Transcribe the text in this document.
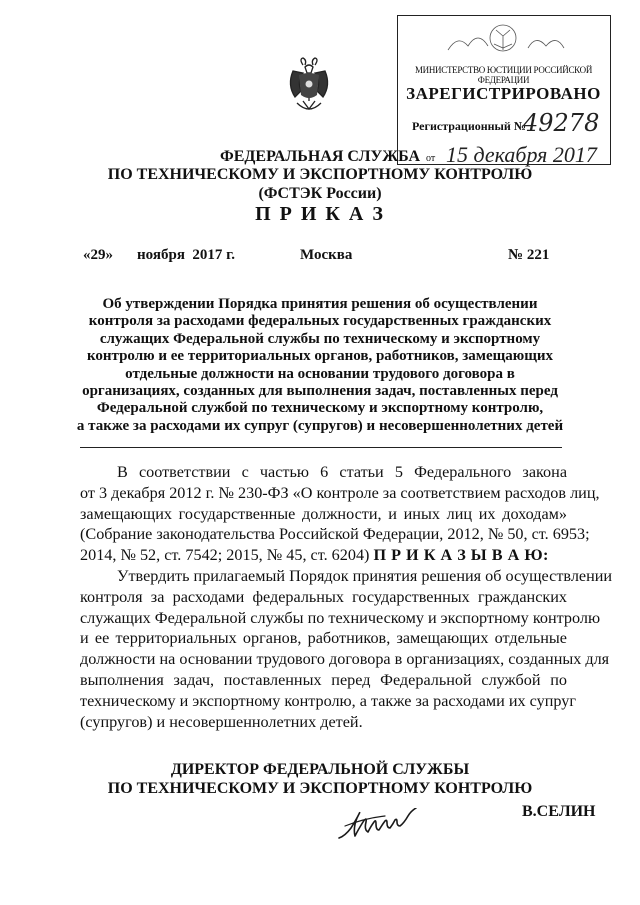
МИНИСТЕРСТВО ЮСТИЦИИ РОССИЙСКОЙ ФЕДЕРАЦИИ
ЗАРЕГИСТРИРОВАНО
Регистрационный №
49278
от 15 декабря 2017
ФЕДЕРАЛЬНАЯ СЛУЖБА
ПО ТЕХНИЧЕСКОМУ И ЭКСПОРТНОМУ КОНТРОЛЮ
(ФСТЭК России)
П Р И К А З
«29» ноября  2017 г.	Москва	№ 221
Об утверждении Порядка принятия решения об осуществлении
контроля за расходами федеральных государственных гражданских
служащих Федеральной службы по техническому и экспортному
контролю и ее территориальных органов, работников, замещающих
отдельные должности на основании трудового договора в
организациях, созданных для выполнения задач, поставленных перед
Федеральной службой по техническому и экспортному контролю,
а также за расходами их супруг (супругов) и несовершеннолетних детей
В соответствии с частью 6 статьи 5 Федерального закона
от 3 декабря 2012 г. № 230-ФЗ «О контроле за соответствием расходов лиц,
замещающих государственные должности, и иных лиц их доходам»
(Собрание законодательства Российской Федерации, 2012, № 50, ст. 6953;
2014, № 52, ст. 7542; 2015, № 45, ст. 6204) П Р И К А З Ы В А Ю:
Утвердить прилагаемый Порядок принятия решения об осуществлении
контроля за расходами федеральных государственных гражданских
служащих Федеральной службы по техническому и экспортному контролю
и ее территориальных органов, работников, замещающих отдельные
должности на основании трудового договора в организациях, созданных для
выполнения задач, поставленных перед Федеральной службой по
техническому и экспортному контролю, а также за расходами их супруг
(супругов) и несовершеннолетних детей.
ДИРЕКТОР ФЕДЕРАЛЬНОЙ СЛУЖБЫ
ПО ТЕХНИЧЕСКОМУ И ЭКСПОРТНОМУ КОНТРОЛЮ
В.СЕЛИН
